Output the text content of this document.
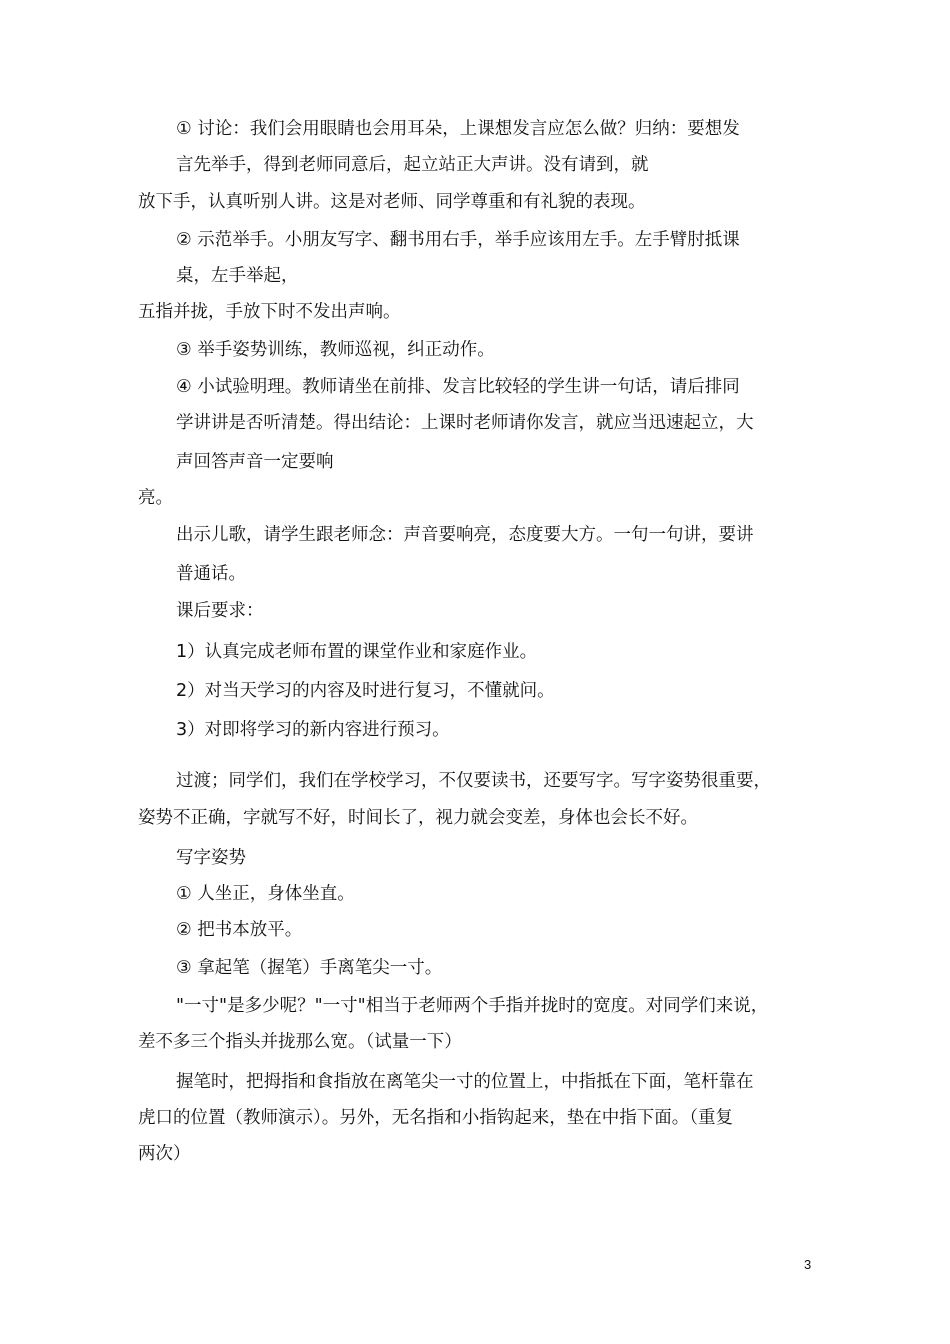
① 讨论：我们会用眼睛也会用耳朵，上课想发言应怎么做？归纳：要想发
言先举手，得到老师同意后，起立站正大声讲。没有请到，就
放下手，认真听别人讲。这是对老师、同学尊重和有礼貌的表现。
② 示范举手。小朋友写字、翻书用右手，举手应该用左手。左手臂肘抵课
桌，左手举起，
五指并拢，手放下时不发出声响。
③ 举手姿势训练，教师巡视，纠正动作。
④ 小试验明理。教师请坐在前排、发言比较轻的学生讲一句话，请后排同
学讲讲是否听清楚。得出结论：上课时老师请你发言，就应当迅速起立，大
声回答声音一定要响
亮。
出示儿歌，请学生跟老师念：声音要响亮，态度要大方。一句一句讲，要讲
普通话。
课后要求：
1）认真完成老师布置的课堂作业和家庭作业。
2）对当天学习的内容及时进行复习，不懂就问。
3）对即将学习的新内容进行预习。
过渡；同学们，我们在学校学习，不仅要读书，还要写字。写字姿势很重要，
姿势不正确，字就写不好，时间长了，视力就会变差，身体也会长不好。
写字姿势
① 人坐正，身体坐直。
② 把书本放平。
③ 拿起笔（握笔）手离笔尖一寸。
"一寸"是多少呢？"一寸"相当于老师两个手指并拢时的宽度。对同学们来说，
差不多三个指头并拢那么宽。（试量一下）
握笔时，把拇指和食指放在离笔尖一寸的位置上，中指抵在下面，笔杆靠在
虎口的位置（教师演示）。另外，无名指和小指钩起来，垫在中指下面。（重复
两次）
3
